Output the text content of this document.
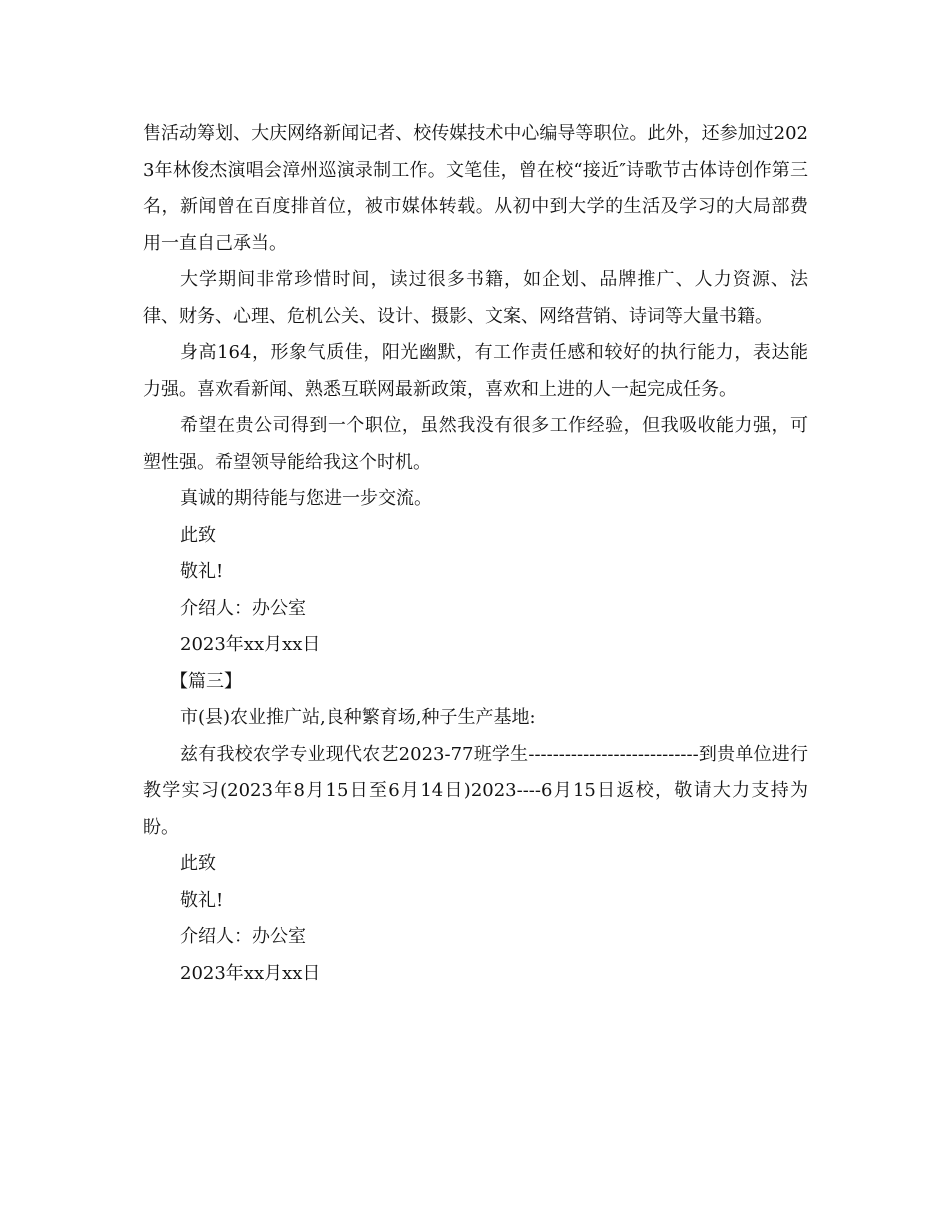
售活动筹划、大庆网络新闻记者、校传媒技术中心编导等职位。此外，还参加过2023年林俊杰演唱会漳州巡演录制工作。文笔佳，曾在校“接近″诗歌节古体诗创作第三名，新闻曾在百度排首位，被市媒体转载。从初中到大学的生活及学习的大局部费用一直自己承当。

大学期间非常珍惜时间，读过很多书籍，如企划、品牌推广、人力资源、法律、财务、心理、危机公关、设计、摄影、文案、网络营销、诗词等大量书籍。

身高164，形象气质佳，阳光幽默，有工作责任感和较好的执行能力，表达能力强。喜欢看新闻、熟悉互联网最新政策，喜欢和上进的人一起完成任务。

希望在贵公司得到一个职位，虽然我没有很多工作经验，但我吸收能力强，可塑性强。希望领导能给我这个时机。

真诚的期待能与您进一步交流。

此致

敬礼!

介绍人：办公室

2023年xx月xx日

【篇三】

市(县)农业推广站,良种繁育场,种子生产基地:

兹有我校农学专业现代农艺2023-77班学生----------------------------到贵单位进行教学实习(2023年8月15日至6月14日)2023----6月15日返校，敬请大力支持为盼。

此致

敬礼!

介绍人：办公室

2023年xx月xx日
